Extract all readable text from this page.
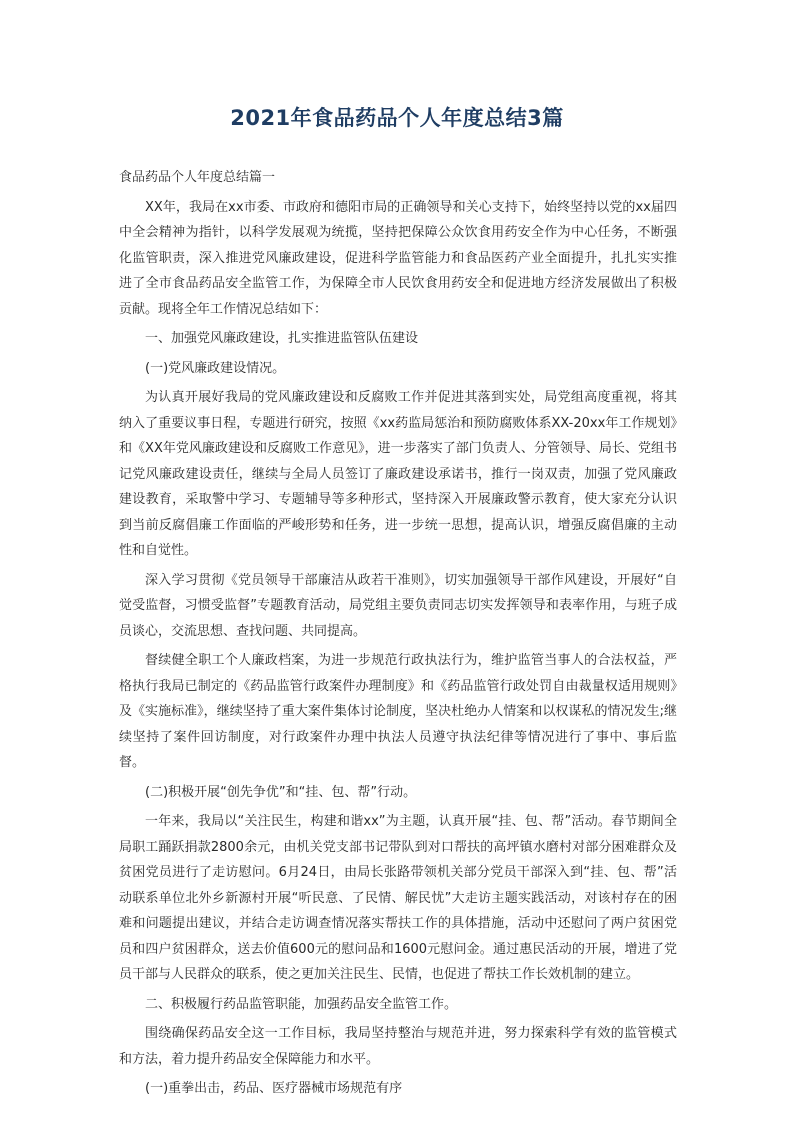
2021年食品药品个人年度总结3篇

食品药品个人年度总结篇一

XX年，我局在xx市委、市政府和德阳市局的正确领导和关心支持下，始终坚持以党的xx届四中全会精神为指针，以科学发展观为统揽，坚持把保障公众饮食用药安全作为中心任务，不断强化监管职责，深入推进党风廉政建设，促进科学监管能力和食品医药产业全面提升，扎扎实实推进了全市食品药品安全监管工作，为保障全市人民饮食用药安全和促进地方经济发展做出了积极贡献。现将全年工作情况总结如下：

一、加强党风廉政建设，扎实推进监管队伍建设

(一)党风廉政建设情况。

为认真开展好我局的党风廉政建设和反腐败工作并促进其落到实处，局党组高度重视，将其纳入了重要议事日程，专题进行研究，按照《xx药监局惩治和预防腐败体系XX-20xx年工作规划》和《XX年党风廉政建设和反腐败工作意见》，进一步落实了部门负责人、分管领导、局长、党组书记党风廉政建设责任，继续与全局人员签订了廉政建设承诺书，推行一岗双责，加强了党风廉政建设教育，采取警中学习、专题辅导等多种形式，坚持深入开展廉政警示教育，使大家充分认识到当前反腐倡廉工作面临的严峻形势和任务，进一步统一思想，提高认识，增强反腐倡廉的主动性和自觉性。

深入学习贯彻《党员领导干部廉洁从政若干准则》，切实加强领导干部作风建设，开展好“自觉受监督，习惯受监督”专题教育活动，局党组主要负责同志切实发挥领导和表率作用，与班子成员谈心，交流思想、查找问题、共同提高。

督续健全职工个人廉政档案，为进一步规范行政执法行为，维护监管当事人的合法权益，严格执行我局已制定的《药品监管行政案件办理制度》和《药品监管行政处罚自由裁量权适用规则》及《实施标准》，继续坚持了重大案件集体讨论制度，坚决杜绝办人情案和以权谋私的情况发生;继续坚持了案件回访制度，对行政案件办理中执法人员遵守执法纪律等情况进行了事中、事后监督。

(二)积极开展“创先争优”和“挂、包、帮”行动。

一年来，我局以“关注民生，构建和谐xx”为主题，认真开展“挂、包、帮”活动。春节期间全局职工踊跃捐款2800余元，由机关党支部书记带队到对口帮扶的高坪镇水磨村对部分困难群众及贫困党员进行了走访慰问。6月24日，由局长张路带领机关部分党员干部深入到“挂、包、帮”活动联系单位北外乡新源村开展“听民意、了民情、解民忧”大走访主题实践活动，对该村存在的困难和问题提出建议，并结合走访调查情况落实帮扶工作的具体措施，活动中还慰问了两户贫困党员和四户贫困群众，送去价值600元的慰问品和1600元慰问金。通过惠民活动的开展，增进了党员干部与人民群众的联系，使之更加关注民生、民情，也促进了帮扶工作长效机制的建立。

二、积极履行药品监管职能，加强药品安全监管工作。

围绕确保药品安全这一工作目标，我局坚持整治与规范并进，努力探索科学有效的监管模式和方法，着力提升药品安全保障能力和水平。

(一)重拳出击，药品、医疗器械市场规范有序
